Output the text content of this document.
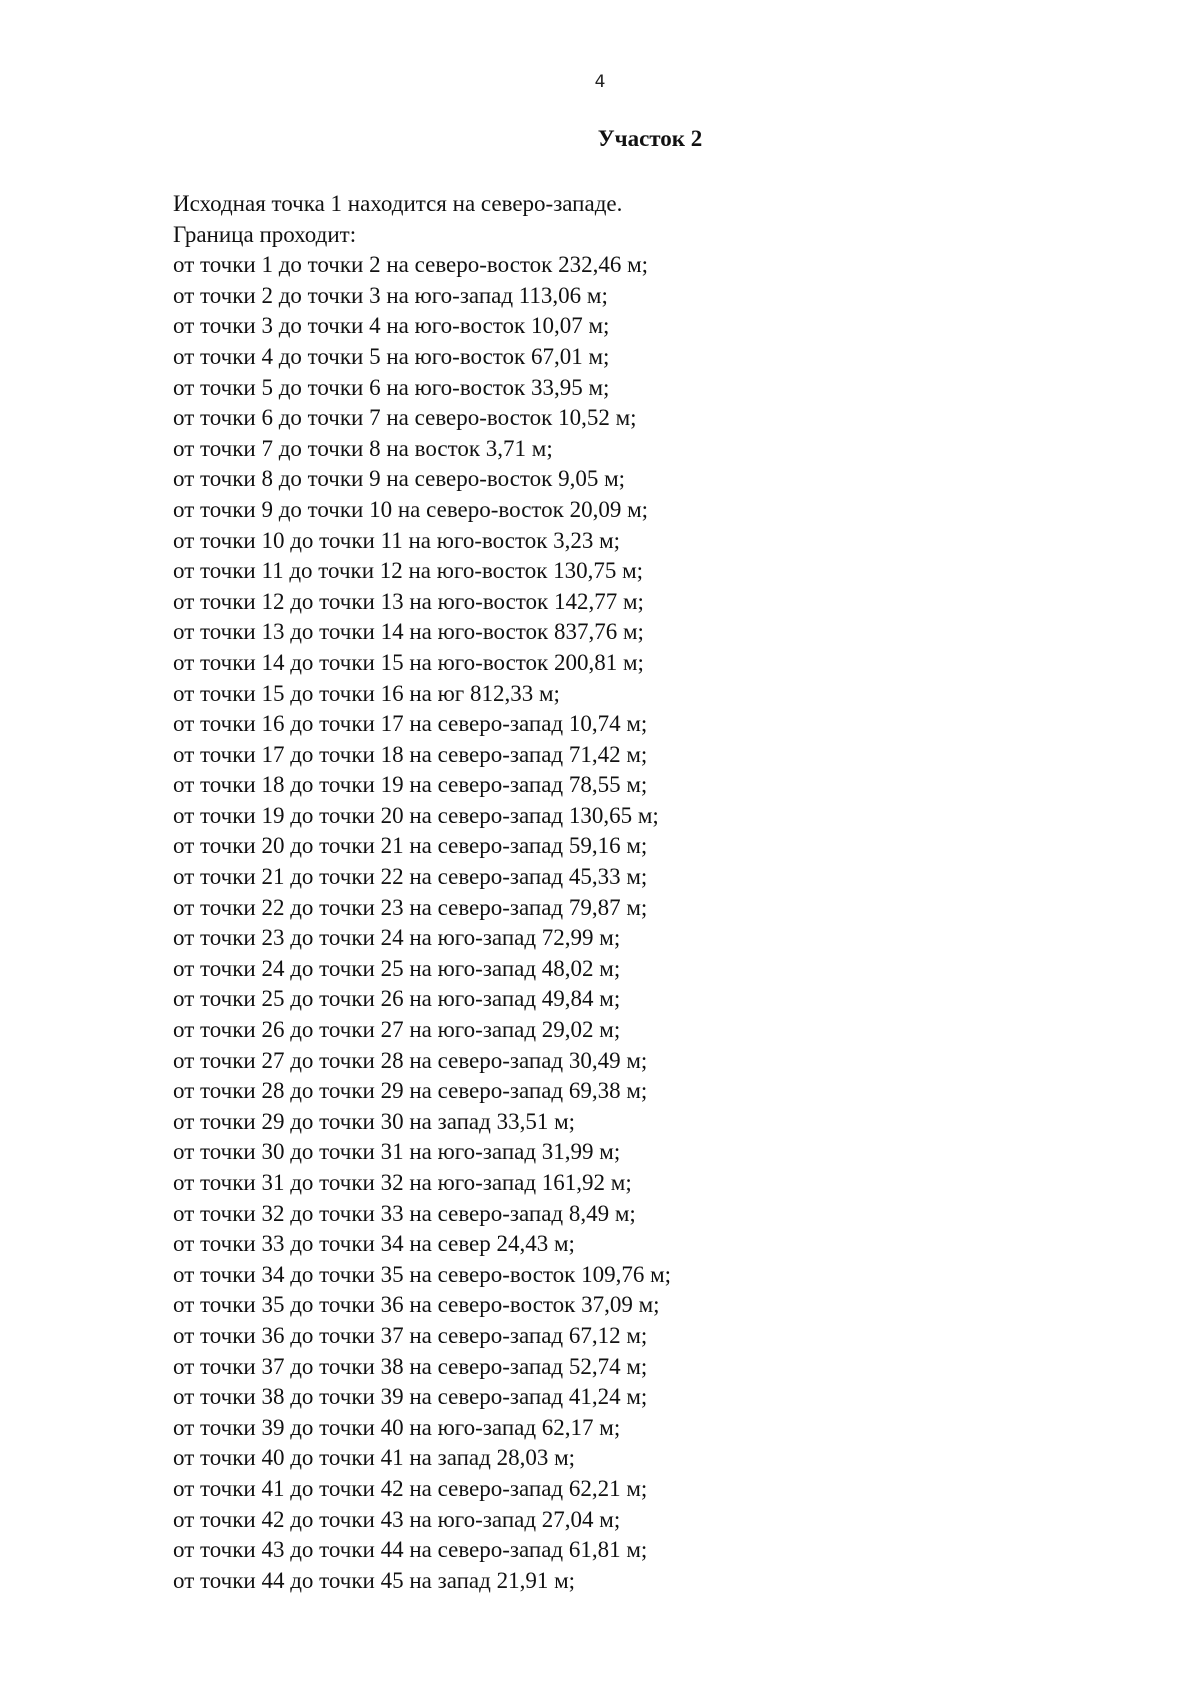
4
Участок 2
Исходная точка 1 находится на северо-западе.
Граница проходит:
от точки 1 до точки 2 на северо-восток 232,46 м;
от точки 2 до точки 3 на юго-запад 113,06 м;
от точки 3 до точки 4 на юго-восток 10,07 м;
от точки 4 до точки 5 на юго-восток 67,01 м;
от точки 5 до точки 6 на юго-восток 33,95 м;
от точки 6 до точки 7 на северо-восток 10,52 м;
от точки 7 до точки 8 на восток 3,71 м;
от точки 8 до точки 9 на северо-восток 9,05 м;
от точки 9 до точки 10 на северо-восток 20,09 м;
от точки 10 до точки 11 на юго-восток 3,23 м;
от точки 11 до точки 12 на юго-восток 130,75 м;
от точки 12 до точки 13 на юго-восток 142,77 м;
от точки 13 до точки 14 на юго-восток 837,76 м;
от точки 14 до точки 15 на юго-восток 200,81 м;
от точки 15 до точки 16 на юг 812,33 м;
от точки 16 до точки 17 на северо-запад 10,74 м;
от точки 17 до точки 18 на северо-запад 71,42 м;
от точки 18 до точки 19 на северо-запад 78,55 м;
от точки 19 до точки 20 на северо-запад 130,65 м;
от точки 20 до точки 21 на северо-запад 59,16 м;
от точки 21 до точки 22 на северо-запад 45,33 м;
от точки 22 до точки 23 на северо-запад 79,87 м;
от точки 23 до точки 24 на юго-запад 72,99 м;
от точки 24 до точки 25 на юго-запад 48,02 м;
от точки 25 до точки 26 на юго-запад 49,84 м;
от точки 26 до точки 27 на юго-запад 29,02 м;
от точки 27 до точки 28 на северо-запад 30,49 м;
от точки 28 до точки 29 на северо-запад 69,38 м;
от точки 29 до точки 30 на запад 33,51 м;
от точки 30 до точки 31 на юго-запад 31,99 м;
от точки 31 до точки 32 на юго-запад 161,92 м;
от точки 32 до точки 33 на северо-запад 8,49 м;
от точки 33 до точки 34 на север 24,43 м;
от точки 34 до точки 35 на северо-восток 109,76 м;
от точки 35 до точки 36 на северо-восток 37,09 м;
от точки 36 до точки 37 на северо-запад 67,12 м;
от точки 37 до точки 38 на северо-запад 52,74 м;
от точки 38 до точки 39 на северо-запад 41,24 м;
от точки 39 до точки 40 на юго-запад 62,17 м;
от точки 40 до точки 41 на запад 28,03 м;
от точки 41 до точки 42 на северо-запад 62,21 м;
от точки 42 до точки 43 на юго-запад 27,04 м;
от точки 43 до точки 44 на северо-запад 61,81 м;
от точки 44 до точки 45 на запад 21,91 м;
